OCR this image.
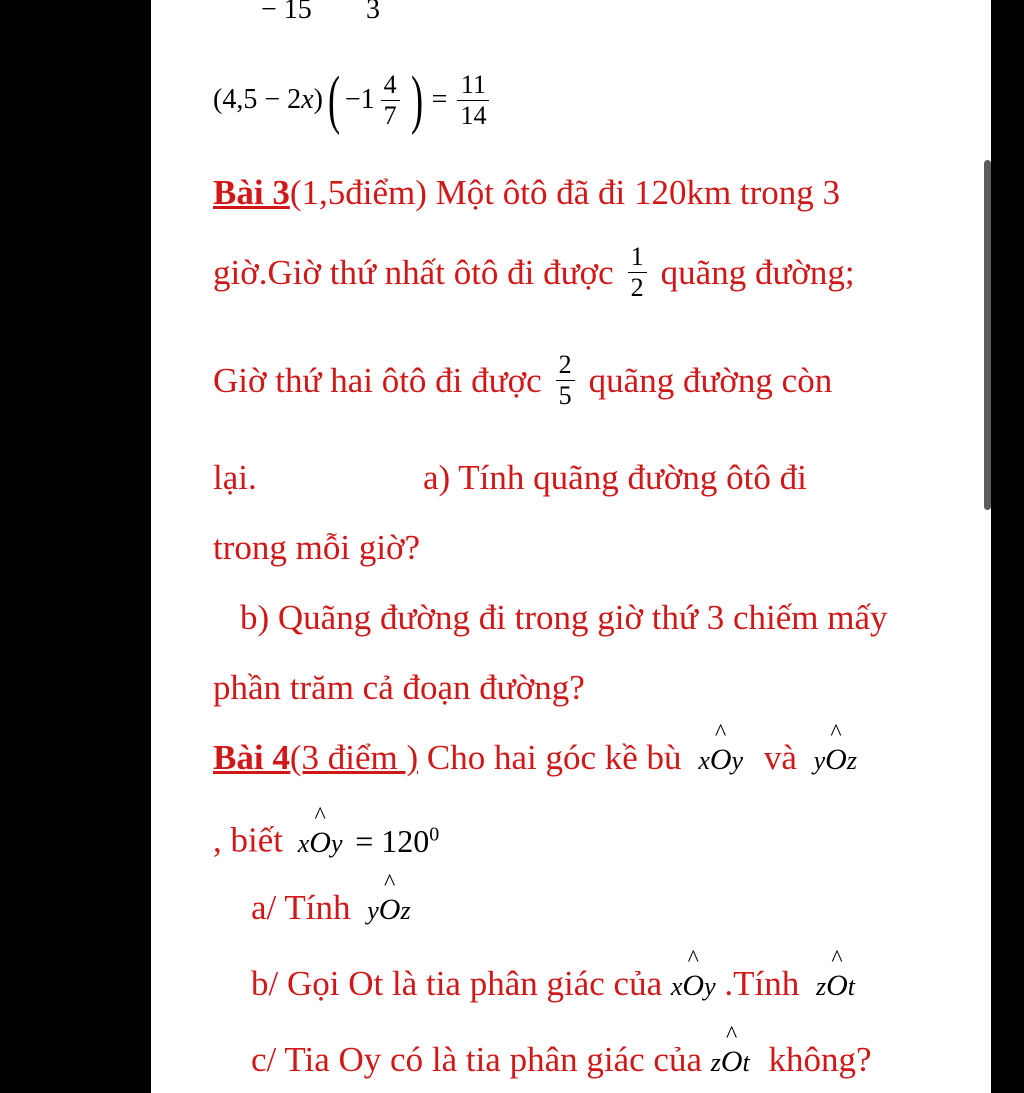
− 15 3
(4,5 − 2 x ) ( $-1 \frac{4}{7}$ ) = $\frac{11}{14}$
Bài 3(1,5điểm) Một ôtô đã đi 120km trong 3
giờ.Giờ thứ nhất ôtô đi được $\frac{1}{2}$ quãng đường;
Giờ thứ hai ôtô đi được $\frac{2}{5}$ quãng đường còn
lại.	a) Tính quãng đường ôtô đi
trong mỗi giờ?
b) Quãng đường đi trong giờ thứ 3 chiếm mấy
phần trăm cả đoạn đường?
Bài 4(3 điểm ) Cho hai góc kề bù xO
^
y và yO
^
z
, biết xO
^
$y = 120^0$
a/ Tính yO
^
z
b/ Gọi Ot là tia phân giác của xO
^
y .Tính zO
^
t
c/ Tia Oy có là tia phân giác của zO
^
t không?
